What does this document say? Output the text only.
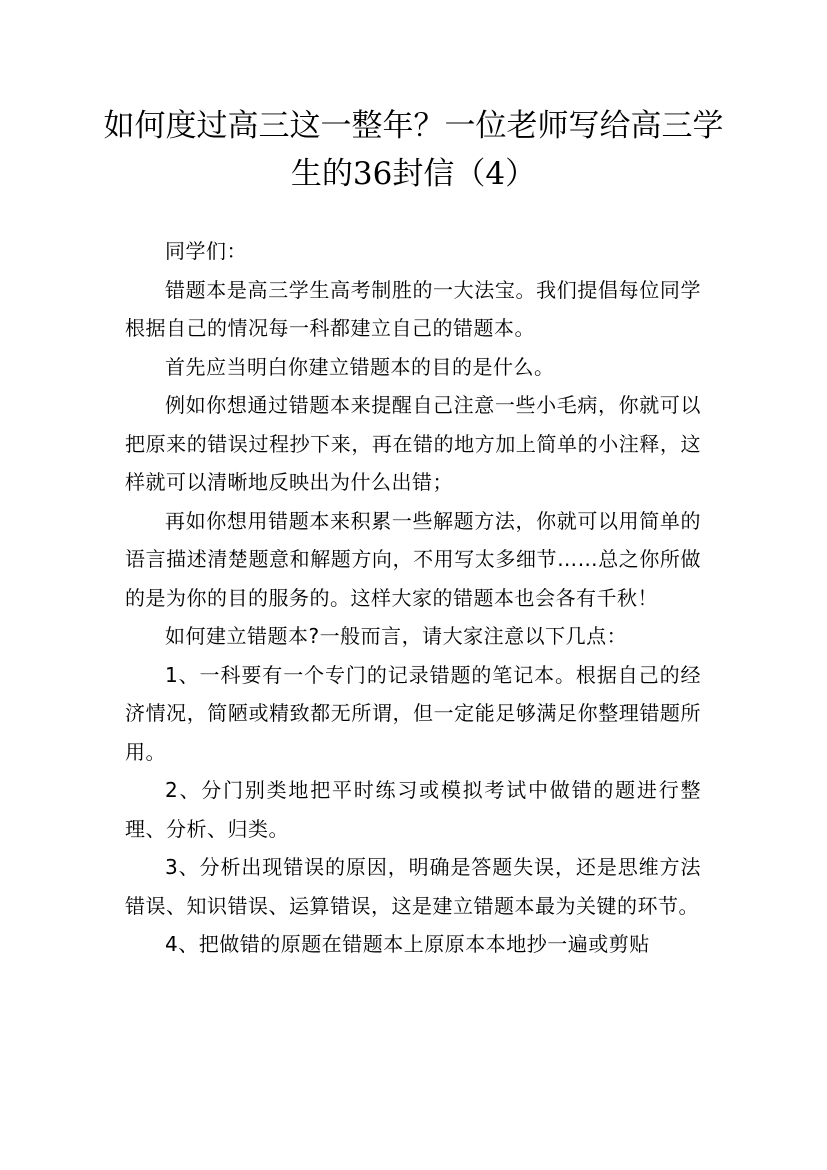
如何度过高三这一整年？一位老师写给高三学生的36封信（4）

同学们：

错题本是高三学生高考制胜的一大法宝。我们提倡每位同学根据自己的情况每一科都建立自己的错题本。

首先应当明白你建立错题本的目的是什么。

例如你想通过错题本来提醒自己注意一些小毛病，你就可以把原来的错误过程抄下来，再在错的地方加上简单的小注释，这样就可以清晰地反映出为什么出错；

再如你想用错题本来积累一些解题方法，你就可以用简单的语言描述清楚题意和解题方向，不用写太多细节……总之你所做的是为你的目的服务的。这样大家的错题本也会各有千秋！

如何建立错题本?一般而言，请大家注意以下几点：

1、一科要有一个专门的记录错题的笔记本。根据自己的经济情况，简陋或精致都无所谓，但一定能足够满足你整理错题所用。

2、分门别类地把平时练习或模拟考试中做错的题进行整理、分析、归类。

3、分析出现错误的原因，明确是答题失误，还是思维方法错误、知识错误、运算错误，这是建立错题本最为关键的环节。

4、把做错的原题在错题本上原原本本地抄一遍或剪贴
